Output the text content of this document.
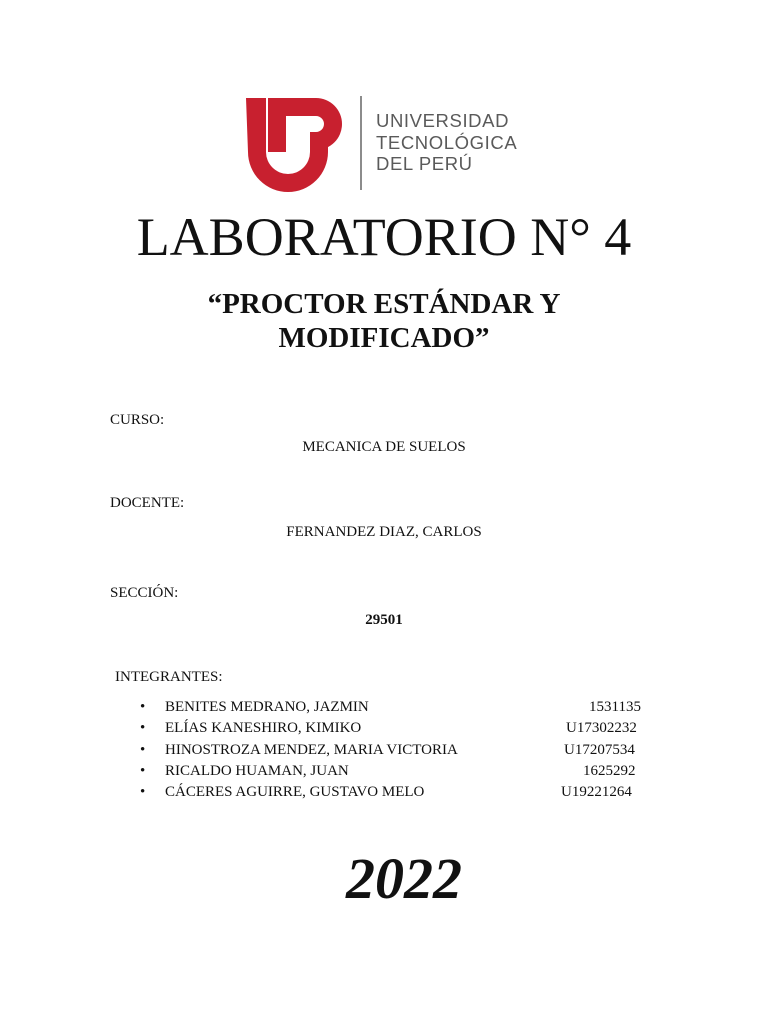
UNIVERSIDAD
TECNOLÓGICA
DEL PERÚ
LABORATORIO N° 4
“PROCTOR ESTÁNDAR Y
MODIFICADO”
CURSO:
MECANICA DE SUELOS
DOCENTE:
FERNANDEZ DIAZ, CARLOS
SECCIÓN:
29501
INTEGRANTES:
• BENITES MEDRANO, JAZMIN	1531135
• ELÍAS KANESHIRO, KIMIKO	U17302232
• HINOSTROZA MENDEZ, MARIA VICTORIA	U17207534
• RICALDO HUAMAN, JUAN	1625292
• CÁCERES AGUIRRE, GUSTAVO MELO	U19221264
2022
